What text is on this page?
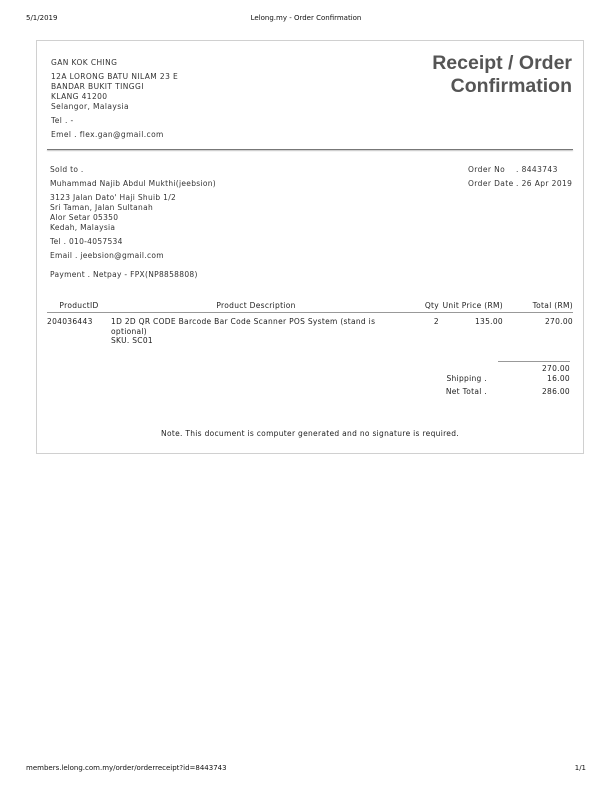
5/1/2019	Lelong.my - Order Confirmation
GAN KOK CHING
12A LORONG BATU NILAM 23 E
BANDAR BUKIT TINGGI
KLANG 41200
Selangor, Malaysia
Tel . -
Emel . flex.gan@gmail.com
Receipt / Order Confirmation
Sold to .
Muhammad Najib Abdul Mukthi(jeebsion)
3123 Jalan Dato' Haji Shuib 1/2
Sri Taman, Jalan Sultanah
Alor Setar 05350
Kedah, Malaysia
Tel . 010-4057534
Email . jeebsion@gmail.com
Payment . Netpay - FPX(NP8858808)
Order No . 8443743
Order Date . 26 Apr 2019
ProductID	Product Description	Qty	Unit Price (RM)	Total (RM)
204036443	1D 2D QR CODE Barcode Bar Code Scanner POS System (stand is optional)
SKU. SC01	2	135.00	270.00
270.00
Shipping .	16.00
Net Total .	286.00
Note. This document is computer generated and no signature is required.
members.lelong.com.my/order/orderreceipt?id=8443743	1/1
